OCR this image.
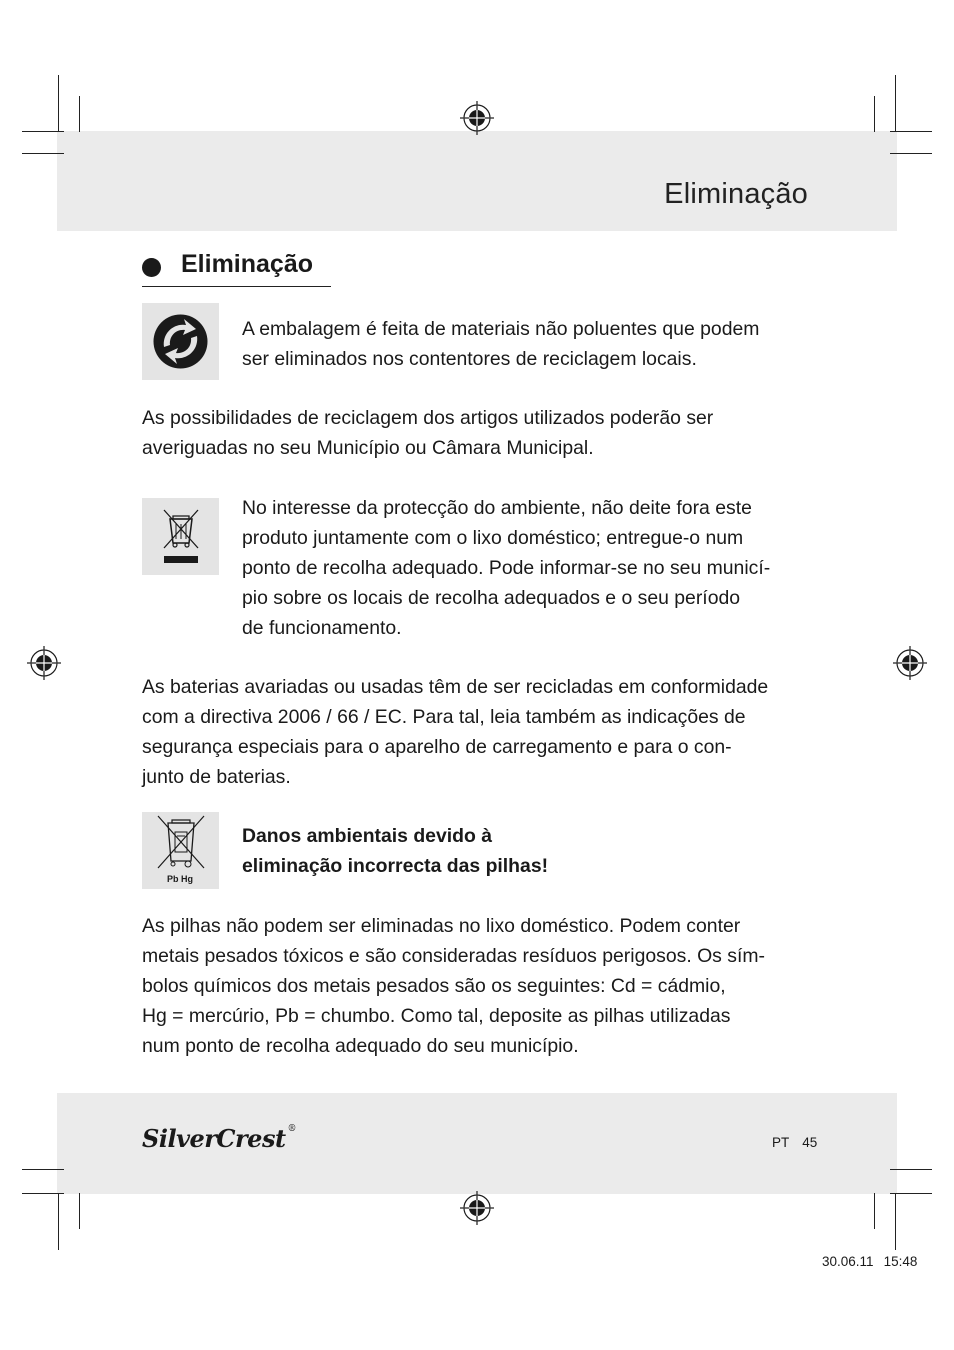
Eliminação
Eliminação

A embalagem é feita de materiais não poluentes que podem
ser eliminados nos contentores de reciclagem locais.

As possibilidades de reciclagem dos artigos utilizados poderão ser
averiguadas no seu Município ou Câmara Municipal.

No interesse da protecção do ambiente, não deite fora este
produto juntamente com o lixo doméstico; entregue-o num
ponto de recolha adequado. Pode informar-se no seu municí-
pio sobre os locais de recolha adequados e o seu período
de funcionamento.

As baterias avariadas ou usadas têm de ser recicladas em conformidade
com a directiva 2006 / 66 / EC. Para tal, leia também as indicações de
segurança especiais para o aparelho de carregamento e para o con-
junto de baterias.

Pb Hg

Danos ambientais devido à
eliminação incorrecta das pilhas!

As pilhas não podem ser eliminadas no lixo doméstico. Podem conter
metais pesados tóxicos e são consideradas resíduos perigosos. Os sím-
bolos químicos dos metais pesados são os seguintes: Cd = cádmio,
Hg = mercúrio, Pb = chumbo. Como tal, deposite as pilhas utilizadas
num ponto de recolha adequado do seu município.

SilverCrest ®
PT 45
30.06.11 15:48
